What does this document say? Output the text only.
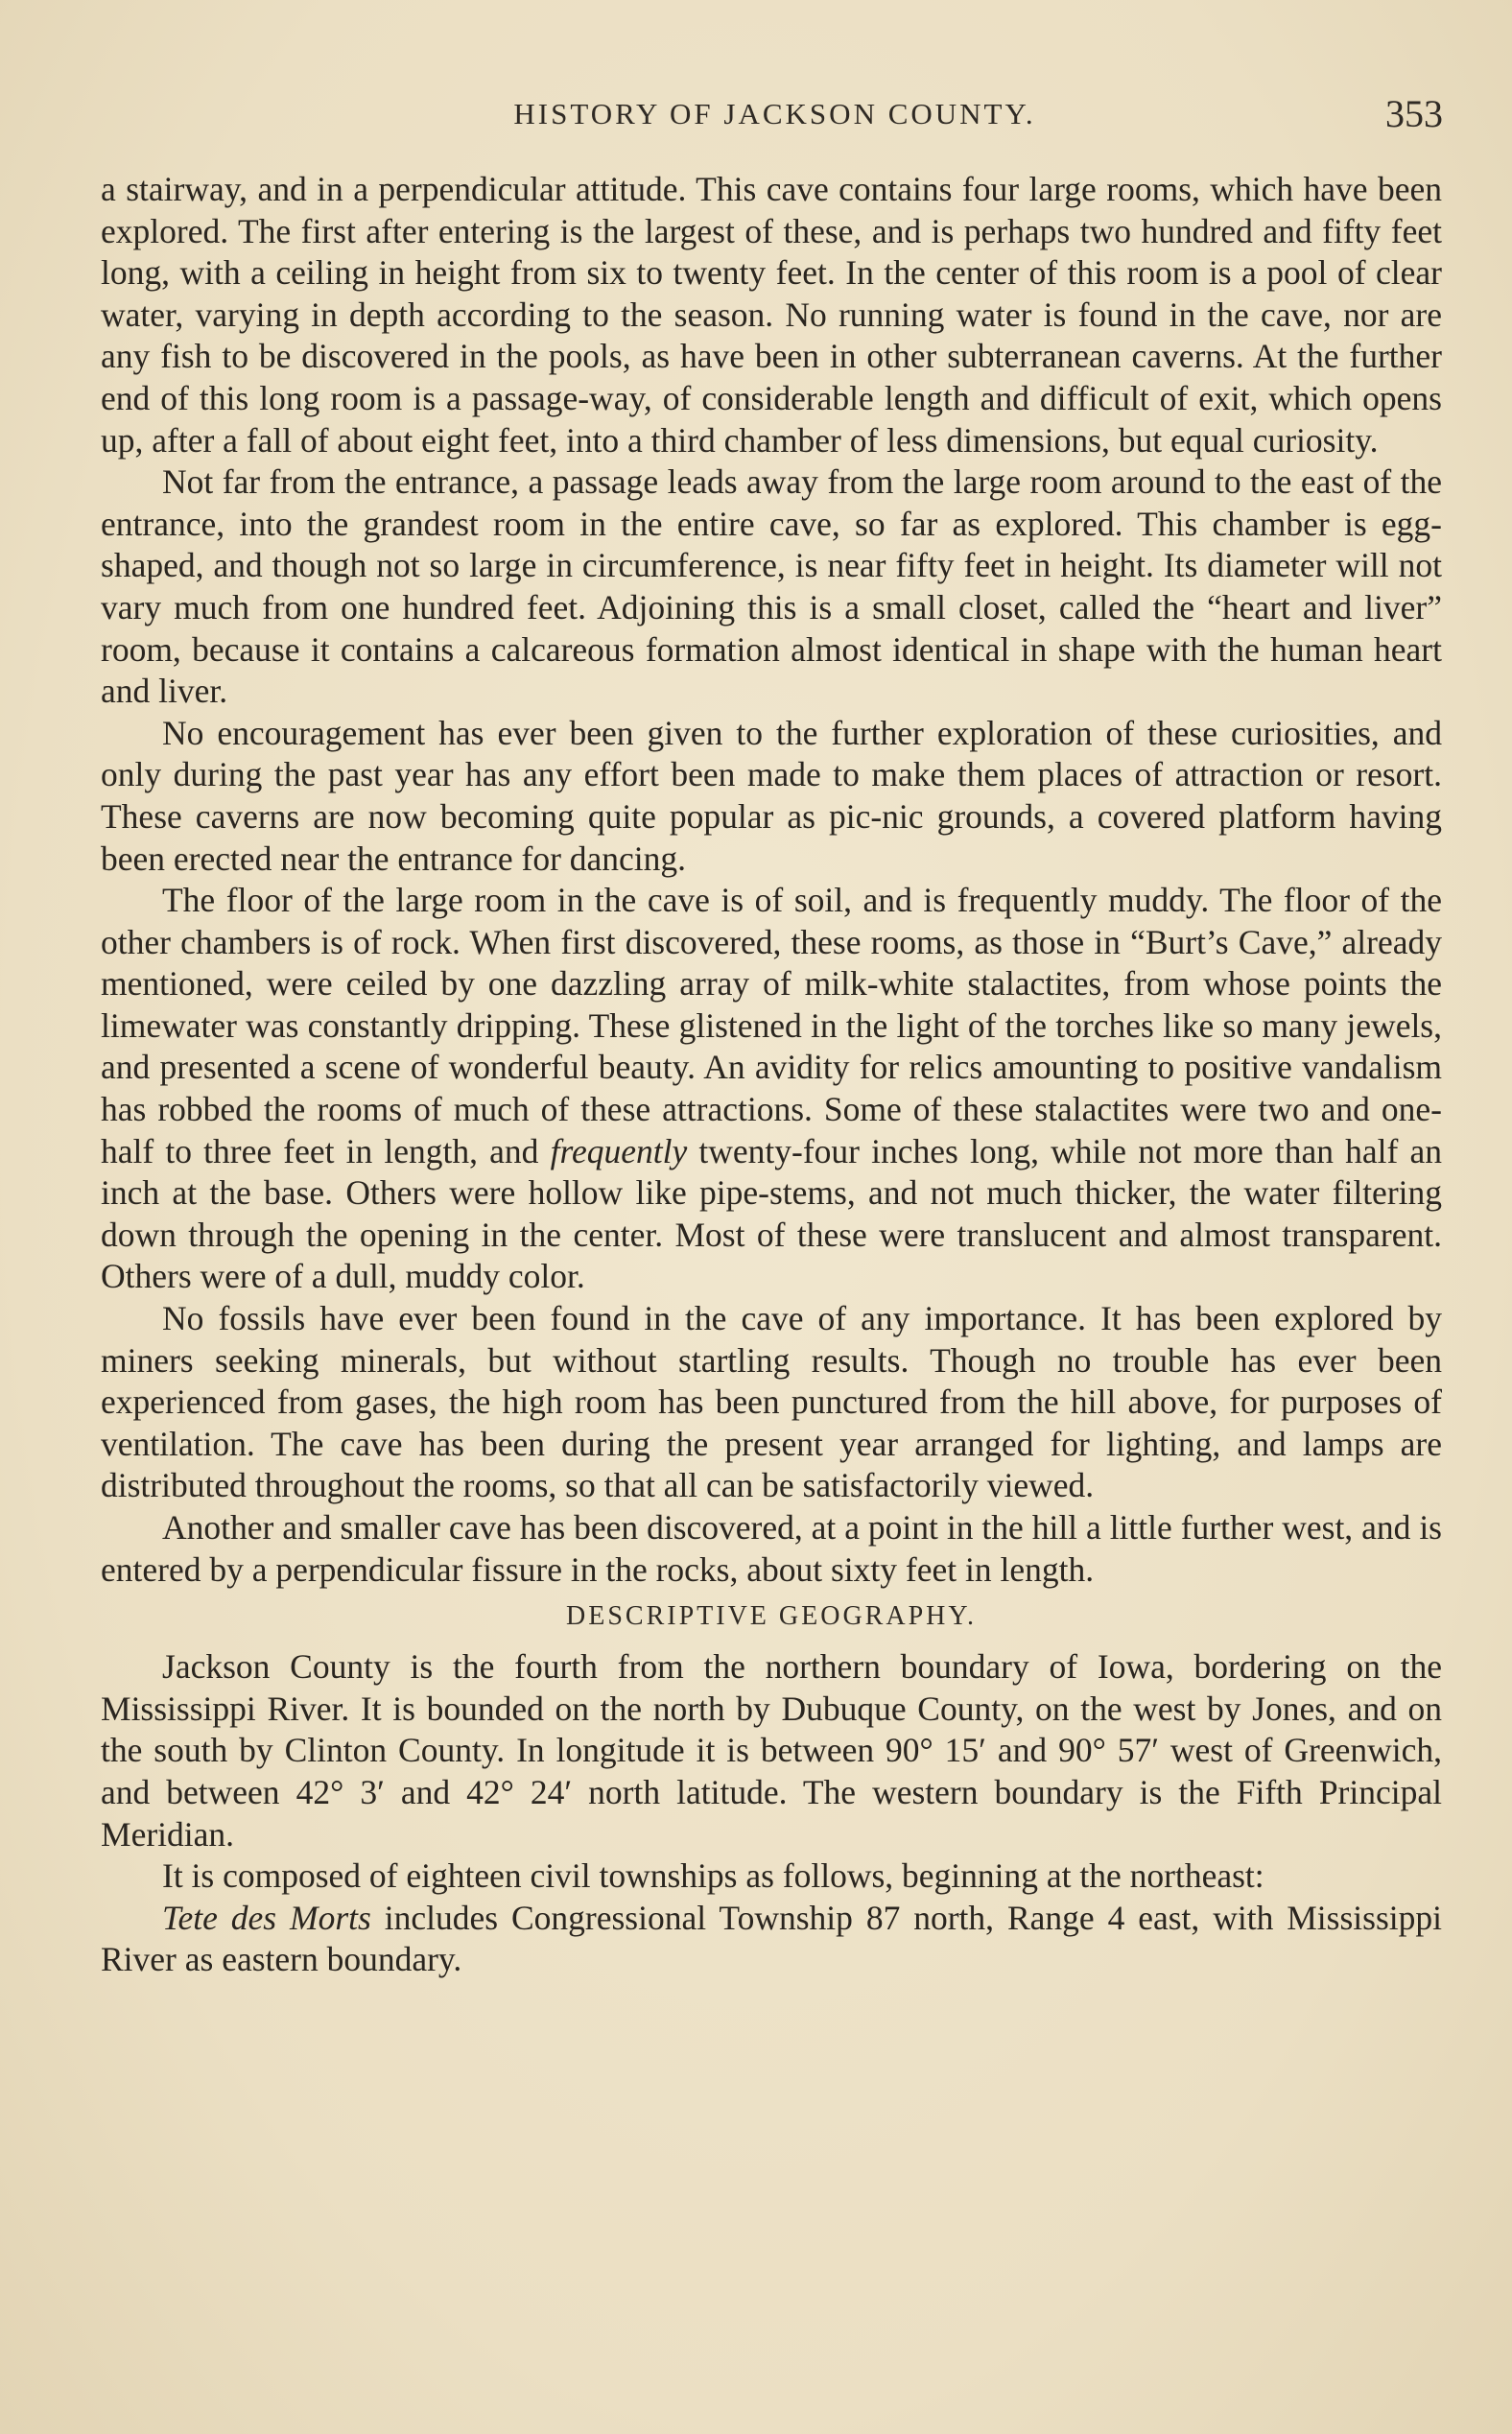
HISTORY OF JACKSON COUNTY.	353

a stairway, and in a perpendicular attitude. This cave contains four large rooms, which have been explored. The first after entering is the largest of these, and is perhaps two hundred and fifty feet long, with a ceiling in height from six to twenty feet. In the center of this room is a pool of clear water, varying in depth according to the season. No running water is found in the cave, nor are any fish to be discovered in the pools, as have been in other subterranean caverns. At the further end of this long room is a passage-way, of considerable length and difficult of exit, which opens up, after a fall of about eight feet, into a third chamber of less dimensions, but equal curiosity.

Not far from the entrance, a passage leads away from the large room around to the east of the entrance, into the grandest room in the entire cave, so far as explored. This chamber is egg-shaped, and though not so large in circumference, is near fifty feet in height. Its diameter will not vary much from one hundred feet. Adjoining this is a small closet, called the “heart and liver” room, because it contains a calcareous formation almost identical in shape with the human heart and liver.

No encouragement has ever been given to the further exploration of these curiosities, and only during the past year has any effort been made to make them places of attraction or resort. These caverns are now becoming quite popular as pic-nic grounds, a covered platform having been erected near the entrance for dancing.

The floor of the large room in the cave is of soil, and is frequently muddy. The floor of the other chambers is of rock. When first discovered, these rooms, as those in “Burt’s Cave,” already mentioned, were ceiled by one dazzling array of milk-white stalactites, from whose points the limewater was constantly dripping. These glistened in the light of the torches like so many jewels, and presented a scene of wonderful beauty. An avidity for relics amounting to positive vandalism has robbed the rooms of much of these attractions. Some of these stalactites were two and one-half to three feet in length, and frequently twenty-four inches long, while not more than half an inch at the base. Others were hollow like pipe-stems, and not much thicker, the water filtering down through the opening in the center. Most of these were translucent and almost transparent. Others were of a dull, muddy color.

No fossils have ever been found in the cave of any importance. It has been explored by miners seeking minerals, but without startling results. Though no trouble has ever been experienced from gases, the high room has been punctured from the hill above, for purposes of ventilation. The cave has been during the present year arranged for lighting, and lamps are distributed throughout the rooms, so that all can be satisfactorily viewed.

Another and smaller cave has been discovered, at a point in the hill a little further west, and is entered by a perpendicular fissure in the rocks, about sixty feet in length.

DESCRIPTIVE GEOGRAPHY.

Jackson County is the fourth from the northern boundary of Iowa, bordering on the Mississippi River. It is bounded on the north by Dubuque County, on the west by Jones, and on the south by Clinton County. In longitude it is between 90° 15′ and 90° 57′ west of Greenwich, and between 42° 3′ and 42° 24′ north latitude. The western boundary is the Fifth Principal Meridian.

It is composed of eighteen civil townships as follows, beginning at the northeast:

Tete des Morts includes Congressional Township 87 north, Range 4 east, with Mississippi River as eastern boundary.
